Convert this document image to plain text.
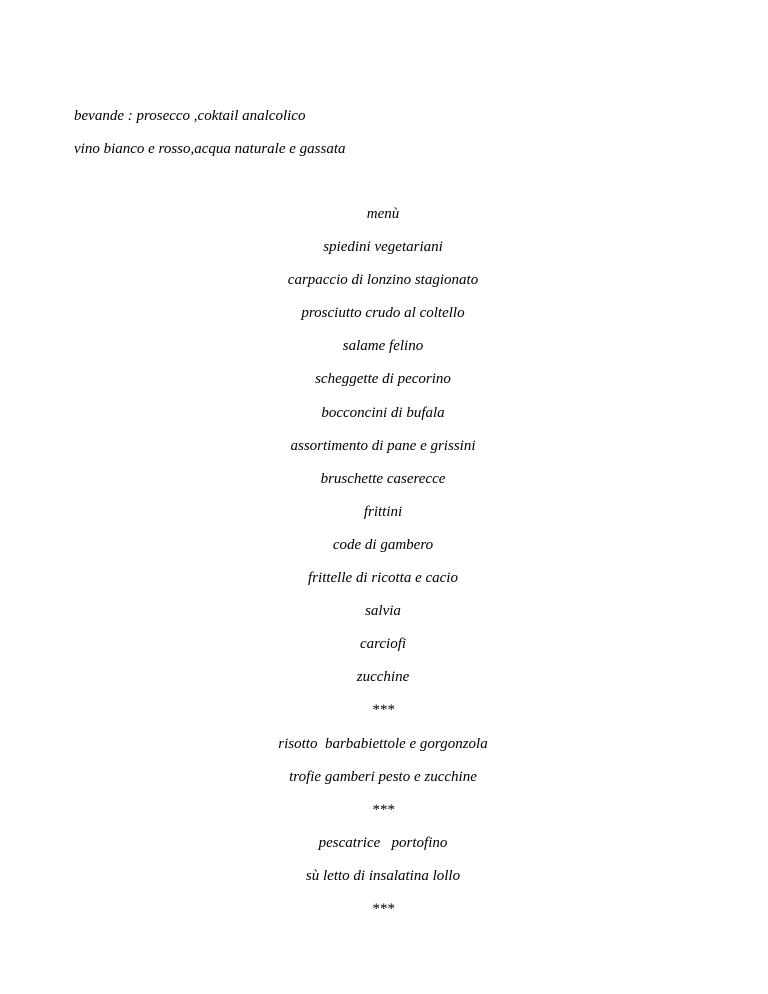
bevande : prosecco ,coktail analcolico

vino bianco e rosso,acqua naturale e gassata

menù
spiedini vegetariani
carpaccio di lonzino stagionato
prosciutto crudo al coltello
salame felino
scheggette di pecorino
bocconcini di bufala
assortimento di pane e grissini
bruschette caserecce
frittini
code di gambero
frittelle di ricotta e cacio
salvia
carciofi
zucchine
***
risotto  barbabiettole e gorgonzola
trofie gamberi pesto e zucchine
***
pescatrice   portofino
sù letto di insalatina lollo
***
